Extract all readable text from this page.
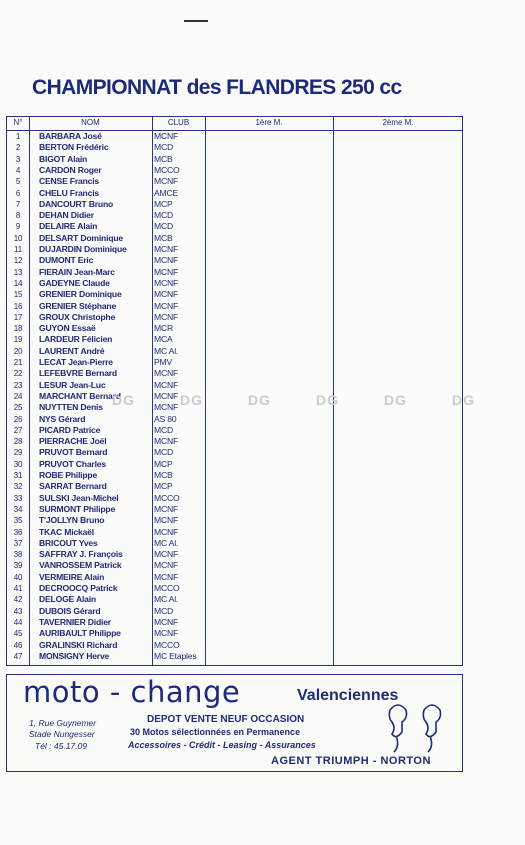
CHAMPIONNAT des FLANDRES 250 cc
N°	NOM	CLUB	1ère M.	2ème M.
1	BARBARA José	MCNF
2	BERTON Frédéric	MCD
3	BIGOT Alain	MCB
4	CARDON Roger	MCCO
5	CENSE Francis	MCNF
6	CHELU Francis	AMCE
7	DANCOURT Bruno	MCP
8	DEHAN Didier	MCD
9	DELAIRE Alain	MCD
10	DELSART Dominique	MCB
11	DUJARDIN Dominique	MCNF
12	DUMONT Eric	MCNF
13	FIERAIN Jean-Marc	MCNF
14	GADEYNE Claude	MCNF
15	GRENIER Dominique	MCNF
16	GRENIER Stéphane	MCNF
17	GROUX Christophe	MCNF
18	GUYON Essaë	MCR
19	LARDEUR Félicien	MCA
20	LAURENT André	MC Al.
21	LECAT Jean-Pierre	PMV
22	LEFEBVRE Bernard	MCNF
23	LESUR Jean-Luc	MCNF
24	MARCHANT Bernard	MCNF
25	NUYTTEN Denis	MCNF
26	NYS Gérard	AS 80
27	PICARD Patrice	MCD
28	PIERRACHE Joël	MCNF
29	PRUVOT Bernard	MCD
30	PRUVOT Charles	MCP
31	ROBE Philippe	MCB
32	SARRAT Bernard	MCP
33	SULSKI Jean-Michel	MCCO
34	SURMONT Philippe	MCNF
35	T'JOLLYN Bruno	MCNF
36	TKAC Mickaël	MCNF
37	BRICOUT Yves	MC Al.
38	SAFFRAY J. François	MCNF
39	VANROSSEM Patrick	MCNF
40	VERMEIRE Alain	MCNF
41	DECROOCQ Patrick	MCCO
42	DELOGE Alain	MC Al.
43	DUBOIS Gérard	MCD
44	TAVERNIER Didier	MCNF
45	AURIBAULT Philippe	MCNF
46	GRALINSKI Richard	MCCO
47	MONSIGNY Herve	MC Etaples
DG	DG	DG	DG	DG	DG
moto - change	Valenciennes
DEPOT VENTE NEUF OCCASION
30 Motos sélectionnées en Permanence
Accessoires - Crédit - Leasing - Assurances
1, Rue Guynemer
Stade Nungesser
Tél : 45.17.09
AGENT TRIUMPH - NORTON
